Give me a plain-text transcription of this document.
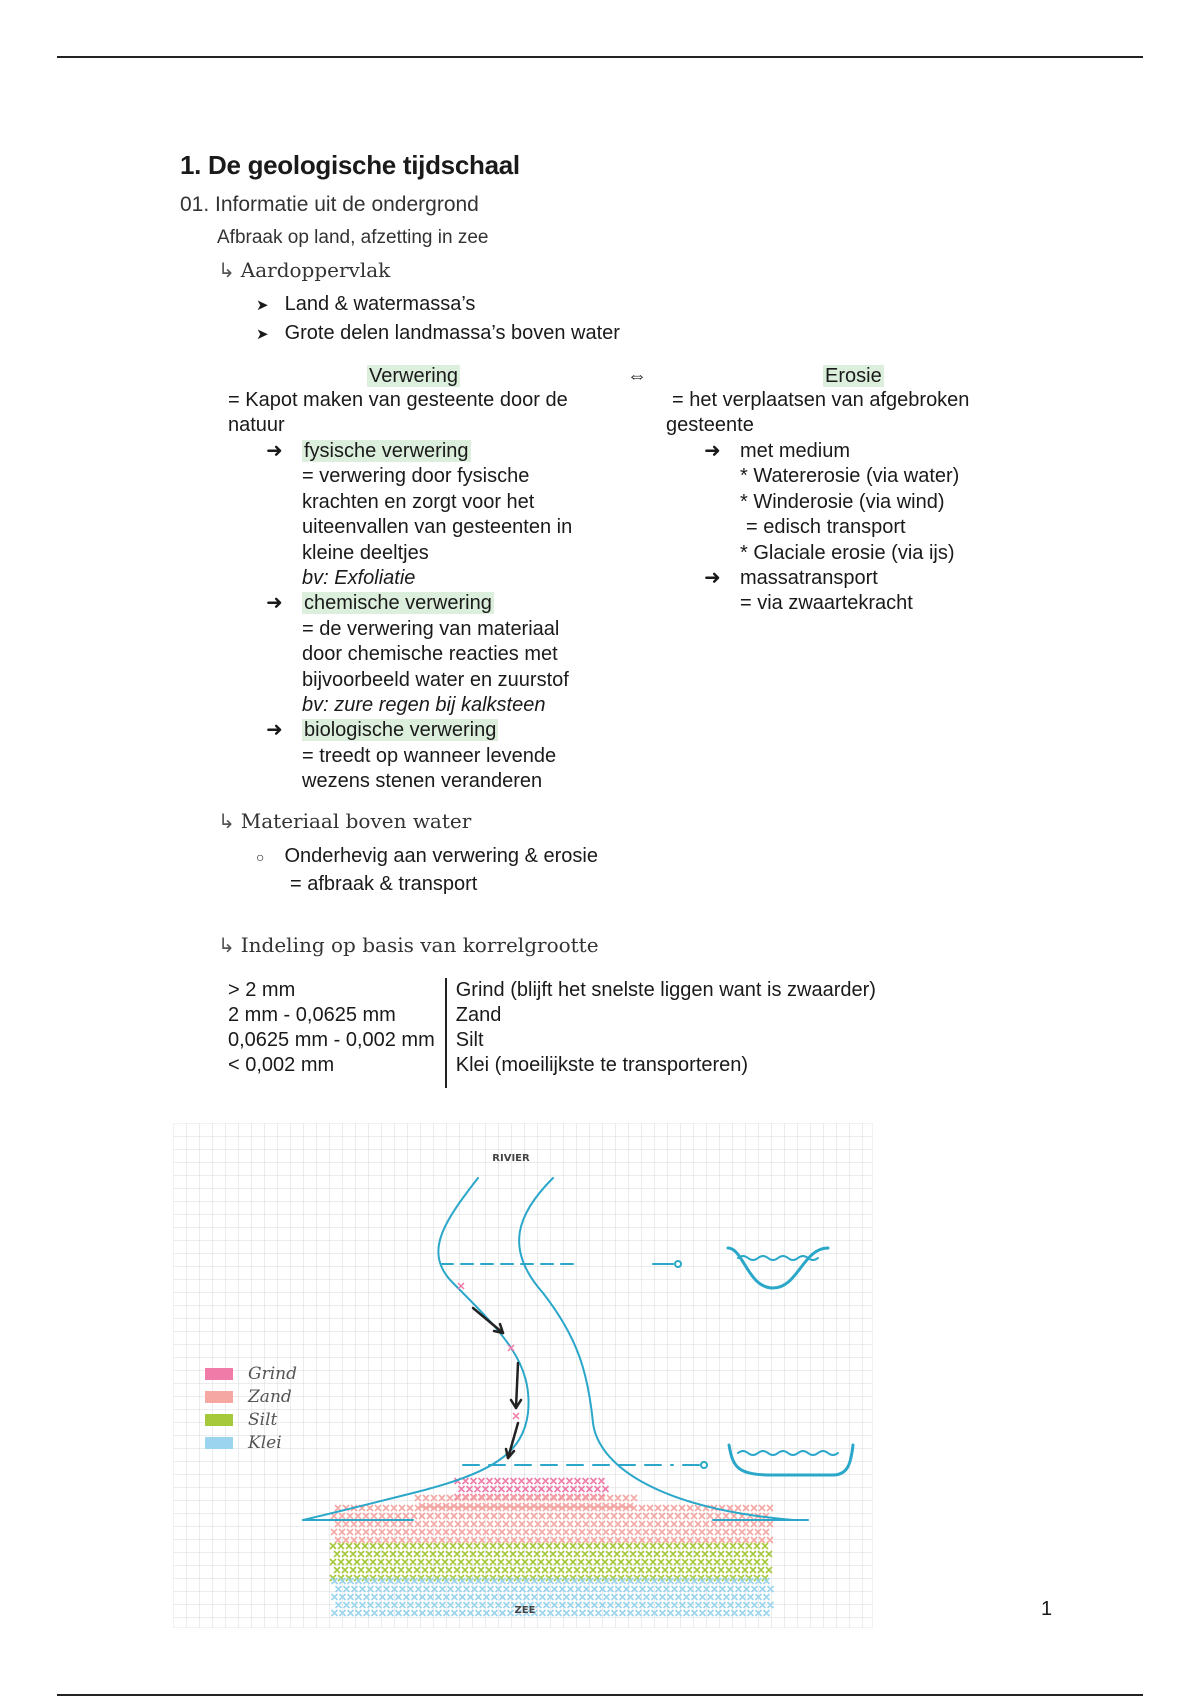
1. De geologische tijdschaal
01. Informatie uit de ondergrond
Afbraak op land, afzetting in zee
↳ Aardoppervlak
➤ Land & watermassa’s
➤ Grote delen landmassa’s boven water
Verwering
= Kapot maken van gesteente door de
natuur
➜ fysische verwering
= verwering door fysische
krachten en zorgt voor het
uiteenvallen van gesteenten in
kleine deeltjes
bv: Exfoliatie
➜ chemische verwering
= de verwering van materiaal
door chemische reacties met
bijvoorbeeld water en zuurstof
bv: zure regen bij kalksteen
➜ biologische verwering
= treedt op wanneer levende
wezens stenen veranderen
⇔	Erosie
= het verplaatsen van afgebroken
gesteente
➜ met medium
* Watererosie (via water)
* Winderosie (via wind)
= edisch transport
* Glaciale erosie (via ijs)
➜ massatransport
= via zwaartekracht
↳ Materiaal boven water
○ Onderhevig aan verwering & erosie
= afbraak & transport
↳ Indeling op basis van korrelgrootte
> 2 mm	Grind (blijft het snelste liggen want is zwaarder)
2 mm - 0,0625 mm	Zand
0,0625 mm - 0,002 mm	Silt
< 0,002 mm	Klei (moeilijkste te transporteren)
RIVIER
ZEE
Grind
Zand
Silt
Klei
1
